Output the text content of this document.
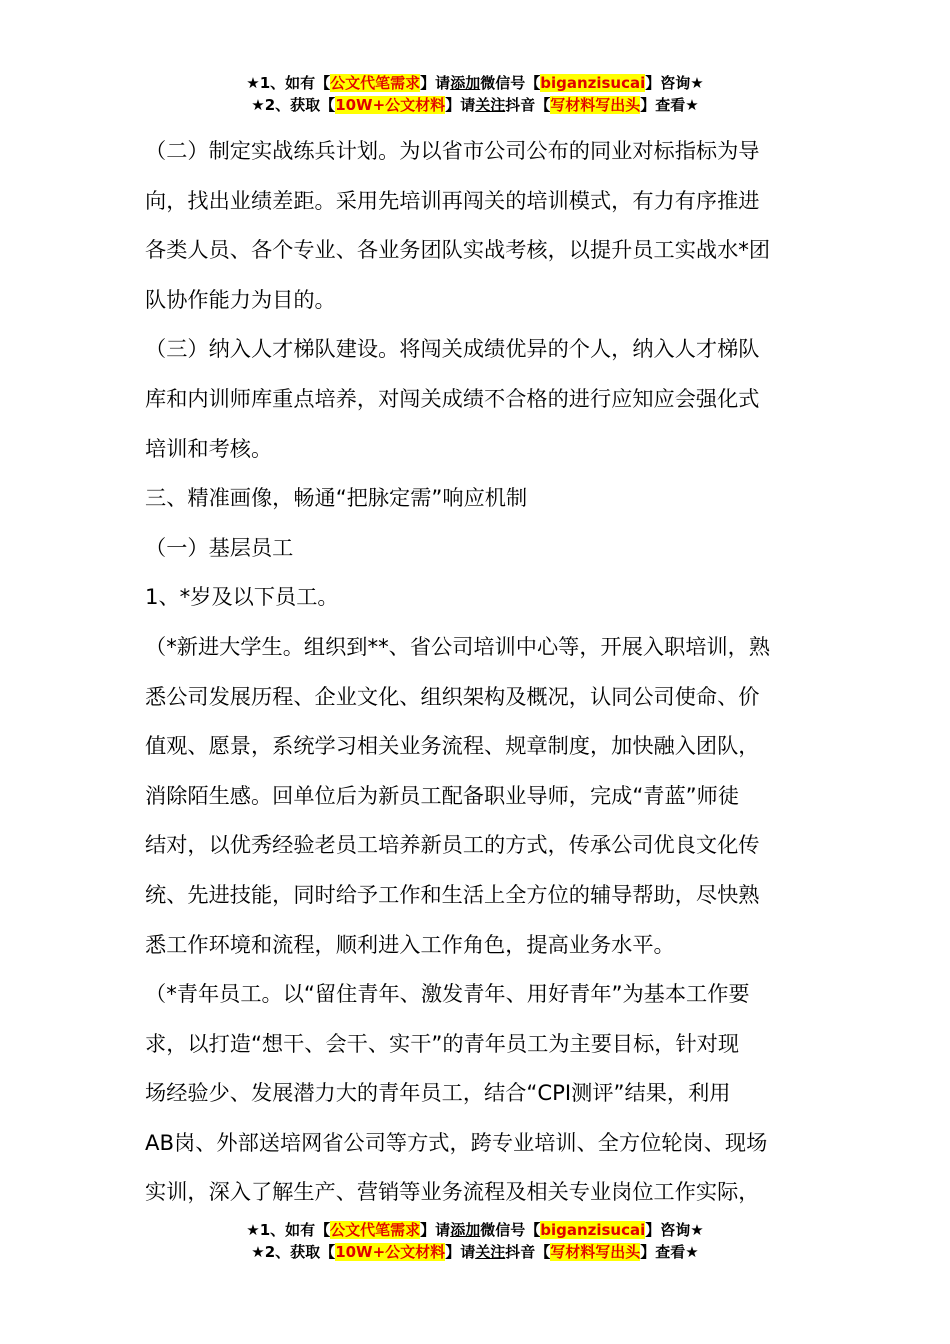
★1、如有【公文代笔需求】请添加微信号【biganzisucai】咨询★
★2、获取【10W+公文材料】请关注抖音【写材料写出头】查看★

（二）制定实战练兵计划。为以省市公司公布的同业对标指标为导

向，找出业绩差距。采用先培训再闯关的培训模式，有力有序推进

各类人员、各个专业、各业务团队实战考核，以提升员工实战水*团

队协作能力为目的。

（三）纳入人才梯队建设。将闯关成绩优异的个人，纳入人才梯队

库和内训师库重点培养，对闯关成绩不合格的进行应知应会强化式

培训和考核。

三、精准画像，畅通“把脉定需”响应机制

（一）基层员工

1、*岁及以下员工。

（*新进大学生。组织到**、省公司培训中心等，开展入职培训，熟

悉公司发展历程、企业文化、组织架构及概况，认同公司使命、价

值观、愿景，系统学习相关业务流程、规章制度，加快融入团队，

消除陌生感。回单位后为新员工配备职业导师，完成“青蓝”师徒

结对，以优秀经验老员工培养新员工的方式，传承公司优良文化传

统、先进技能，同时给予工作和生活上全方位的辅导帮助，尽快熟

悉工作环境和流程，顺利进入工作角色，提高业务水平。

（*青年员工。以“留住青年、激发青年、用好青年”为基本工作要

求，以打造“想干、会干、实干”的青年员工为主要目标，针对现

场经验少、发展潜力大的青年员工，结合“CPI测评”结果，利用

AB岗、外部送培网省公司等方式，跨专业培训、全方位轮岗、现场

实训，深入了解生产、营销等业务流程及相关专业岗位工作实际，

★1、如有【公文代笔需求】请添加微信号【biganzisucai】咨询★
★2、获取【10W+公文材料】请关注抖音【写材料写出头】查看★
